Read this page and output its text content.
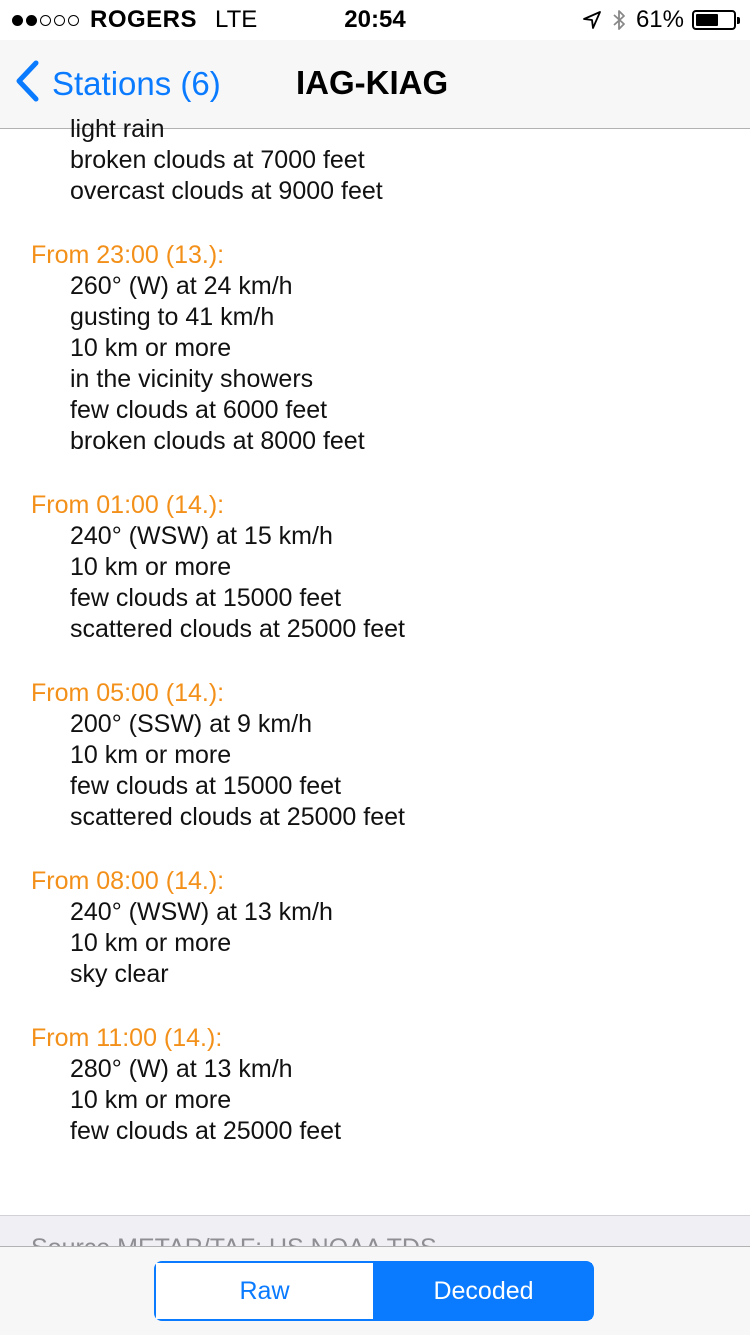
ROGERS LTE	20:54	61%
Stations (6) IAG-KIAG
light rain
broken clouds at 7000 feet
overcast clouds at 9000 feet
From 23:00 (13.):
260° (W) at 24 km/h
gusting to 41 km/h
10 km or more
in the vicinity showers
few clouds at 6000 feet
broken clouds at 8000 feet
From 01:00 (14.):
240° (WSW) at 15 km/h
10 km or more
few clouds at 15000 feet
scattered clouds at 25000 feet
From 05:00 (14.):
200° (SSW) at 9 km/h
10 km or more
few clouds at 15000 feet
scattered clouds at 25000 feet
From 08:00 (14.):
240° (WSW) at 13 km/h
10 km or more
sky clear
From 11:00 (14.):
280° (W) at 13 km/h
10 km or more
few clouds at 25000 feet
Raw	Decoded
